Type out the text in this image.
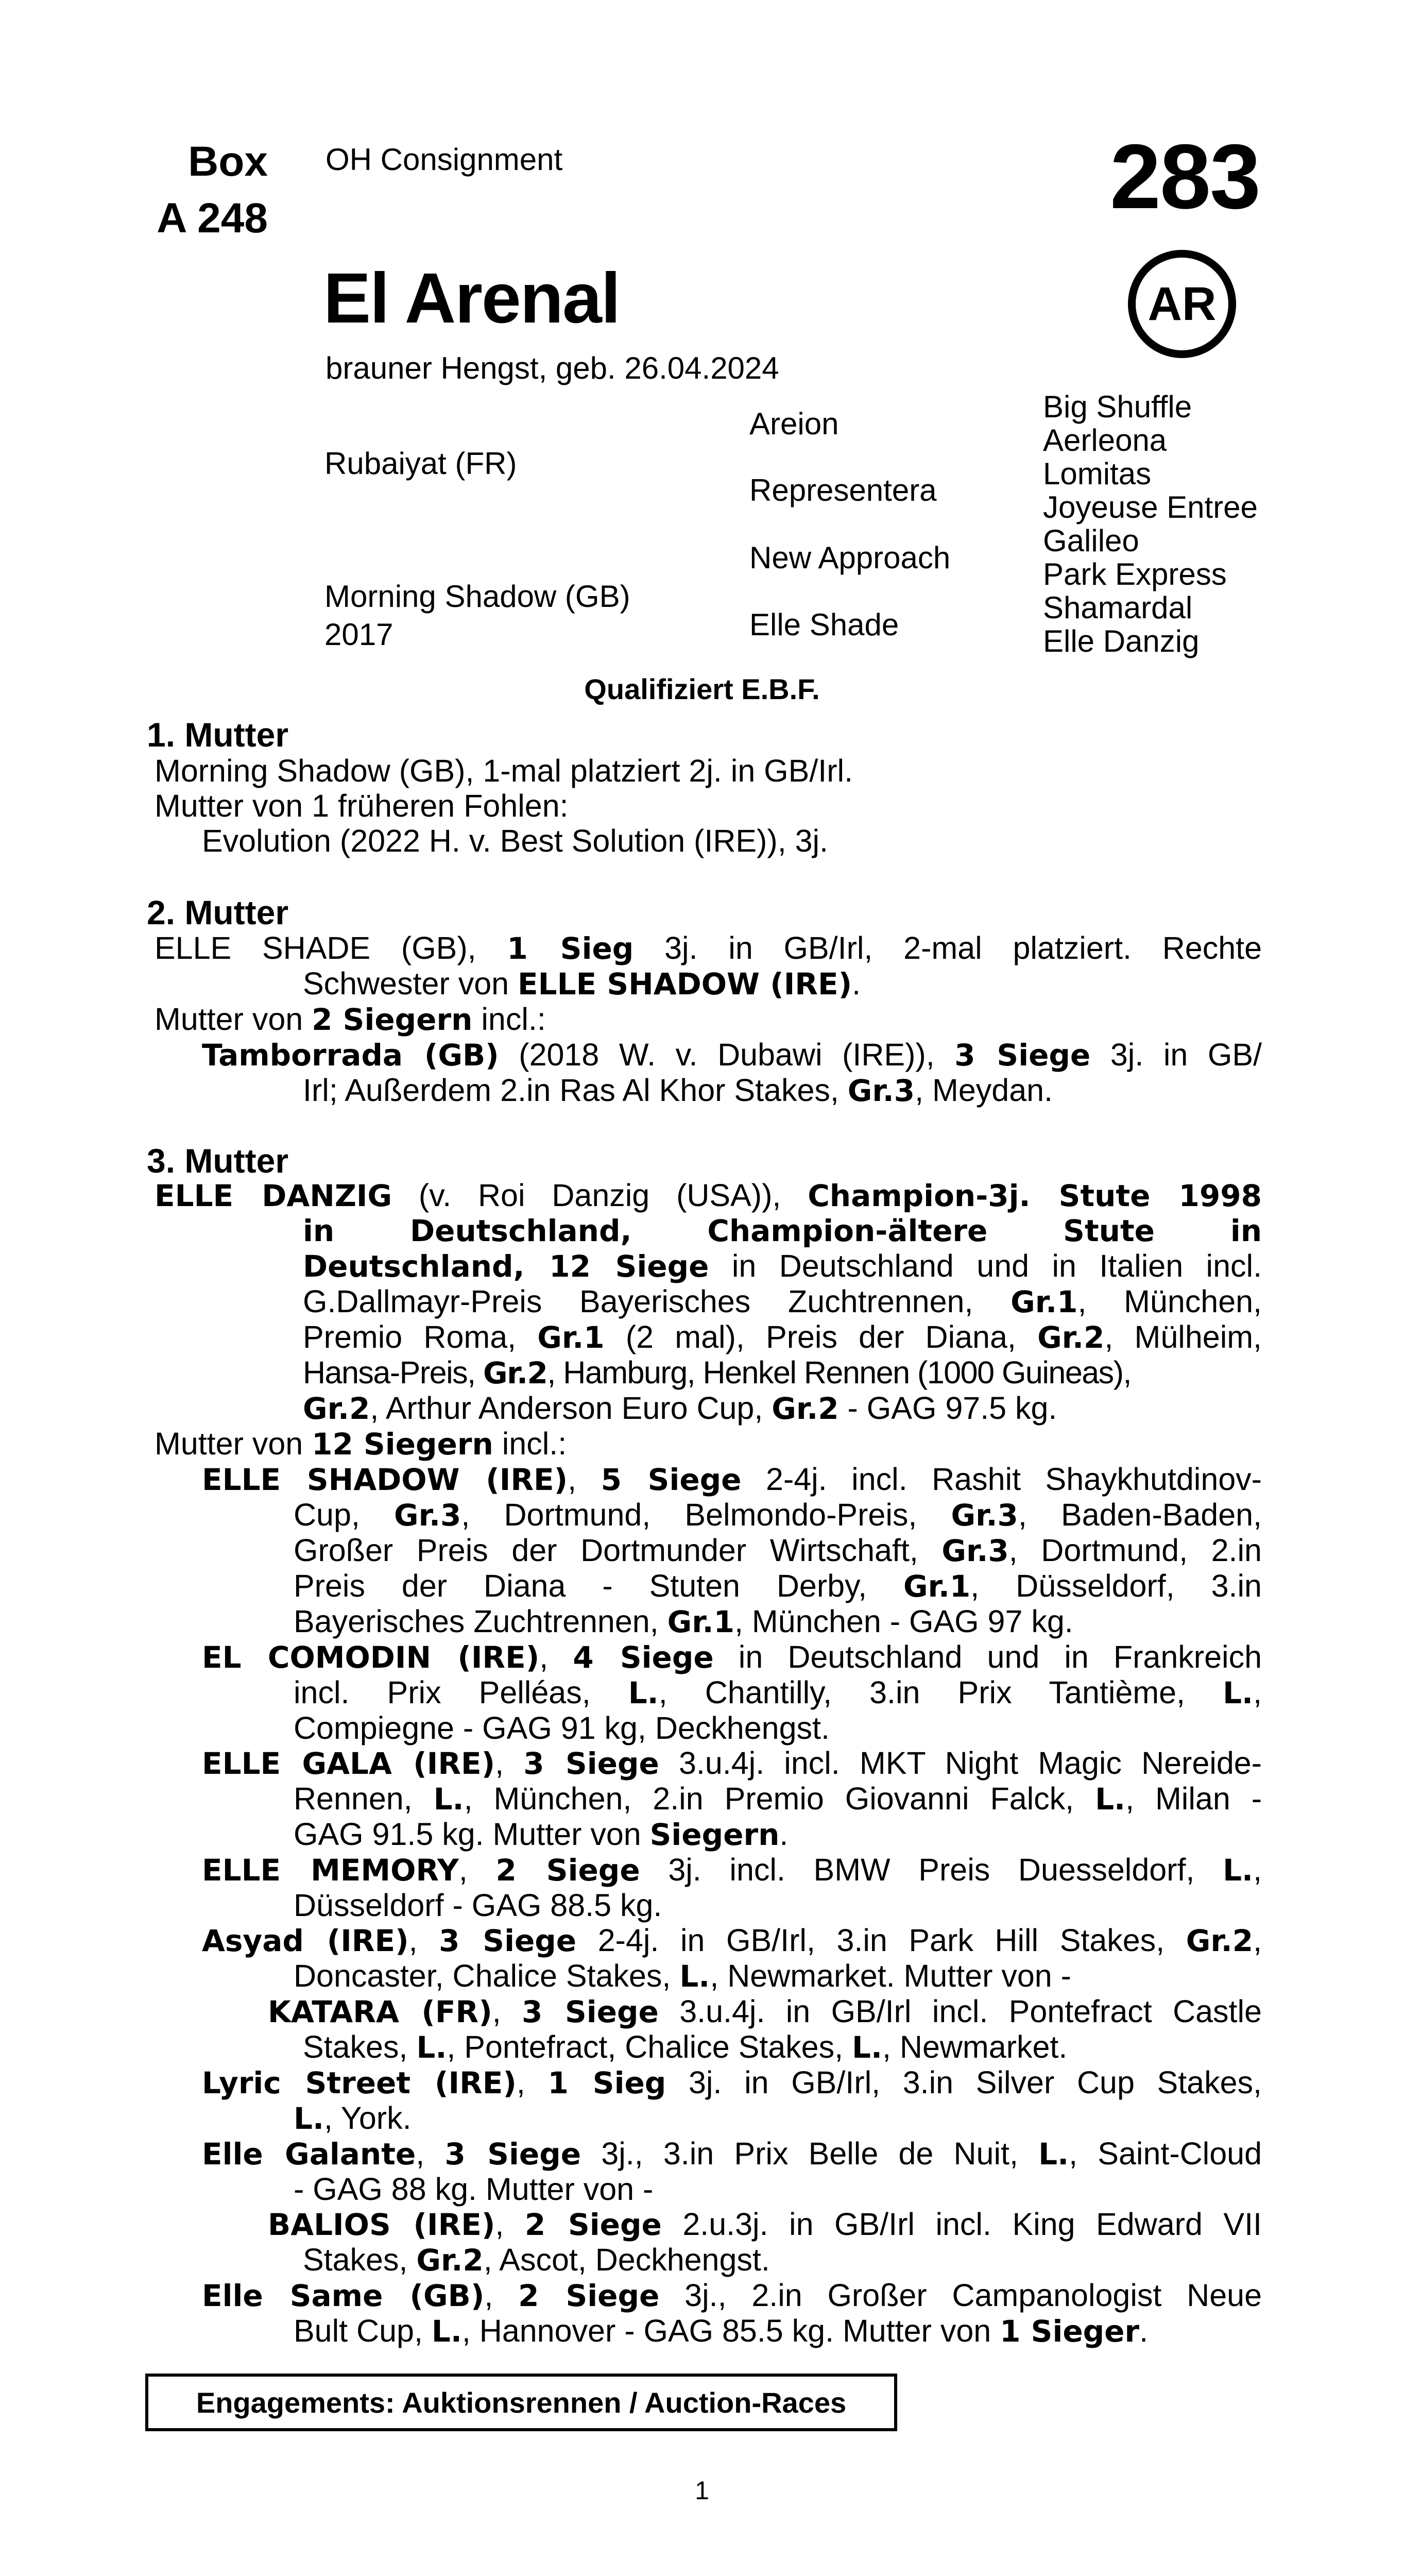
Box
A 248
OH Consignment	283
AR
El Arenal
brauner Hengst, geb. 26.04.2024
Rubaiyat (FR)
Morning Shadow (GB)
2017
Areion
Representera
New Approach
Elle Shade
Big Shuffle
Aerleona
Lomitas
Joyeuse Entree
Galileo
Park Express
Shamardal
Elle Danzig
Qualifiziert E.B.F.
1. Mutter
Morning Shadow (GB), 1-mal platziert 2j. in GB/Irl.
Mutter von 1 früheren Fohlen:
Evolution (2022 H. v. Best Solution (IRE)), 3j.
2. Mutter
ELLE SHADE (GB), 1 Sieg 3j. in GB/Irl, 2-mal platziert. Rechte
Schwester von ELLE SHADOW (IRE).
Mutter von 2 Siegern incl.:
Tamborrada (GB) (2018 W. v. Dubawi (IRE)), 3 Siege 3j. in GB/
Irl; Außerdem 2.in Ras Al Khor Stakes, Gr.3, Meydan.
3. Mutter
ELLE DANZIG (v. Roi Danzig (USA)), Champion-3j. Stute 1998
in Deutschland, Champion-ältere Stute in
Deutschland, 12 Siege in Deutschland und in Italien incl.
G.Dallmayr-Preis Bayerisches Zuchtrennen, Gr.1, München,
Premio Roma, Gr.1 (2 mal), Preis der Diana, Gr.2, Mülheim,
Hansa-Preis, Gr.2, Hamburg, Henkel Rennen (1000 Guineas),
Gr.2, Arthur Anderson Euro Cup, Gr.2 - GAG 97.5 kg.
Mutter von 12 Siegern incl.:
ELLE SHADOW (IRE), 5 Siege 2-4j. incl. Rashit Shaykhutdinov-
Cup, Gr.3, Dortmund, Belmondo-Preis, Gr.3, Baden-Baden,
Großer Preis der Dortmunder Wirtschaft, Gr.3, Dortmund, 2.in
Preis der Diana - Stuten Derby, Gr.1, Düsseldorf, 3.in
Bayerisches Zuchtrennen, Gr.1, München - GAG 97 kg.
EL COMODIN (IRE), 4 Siege in Deutschland und in Frankreich
incl. Prix Pelléas, L., Chantilly, 3.in Prix Tantième, L.,
Compiegne - GAG 91 kg, Deckhengst.
ELLE GALA (IRE), 3 Siege 3.u.4j. incl. MKT Night Magic Nereide-
Rennen, L., München, 2.in Premio Giovanni Falck, L., Milan -
GAG 91.5 kg. Mutter von Siegern.
ELLE MEMORY, 2 Siege 3j. incl. BMW Preis Duesseldorf, L.,
Düsseldorf - GAG 88.5 kg.
Asyad (IRE), 3 Siege 2-4j. in GB/Irl, 3.in Park Hill Stakes, Gr.2,
Doncaster, Chalice Stakes, L., Newmarket. Mutter von -
KATARA (FR), 3 Siege 3.u.4j. in GB/Irl incl. Pontefract Castle
Stakes, L., Pontefract, Chalice Stakes, L., Newmarket.
Lyric Street (IRE), 1 Sieg 3j. in GB/Irl, 3.in Silver Cup Stakes,
L., York.
Elle Galante, 3 Siege 3j., 3.in Prix Belle de Nuit, L., Saint-Cloud
- GAG 88 kg. Mutter von -
BALIOS (IRE), 2 Siege 2.u.3j. in GB/Irl incl. King Edward VII
Stakes, Gr.2, Ascot, Deckhengst.
Elle Same (GB), 2 Siege 3j., 2.in Großer Campanologist Neue
Bult Cup, L., Hannover - GAG 85.5 kg. Mutter von 1 Sieger.
Engagements: Auktionsrennen / Auction-Races
1
